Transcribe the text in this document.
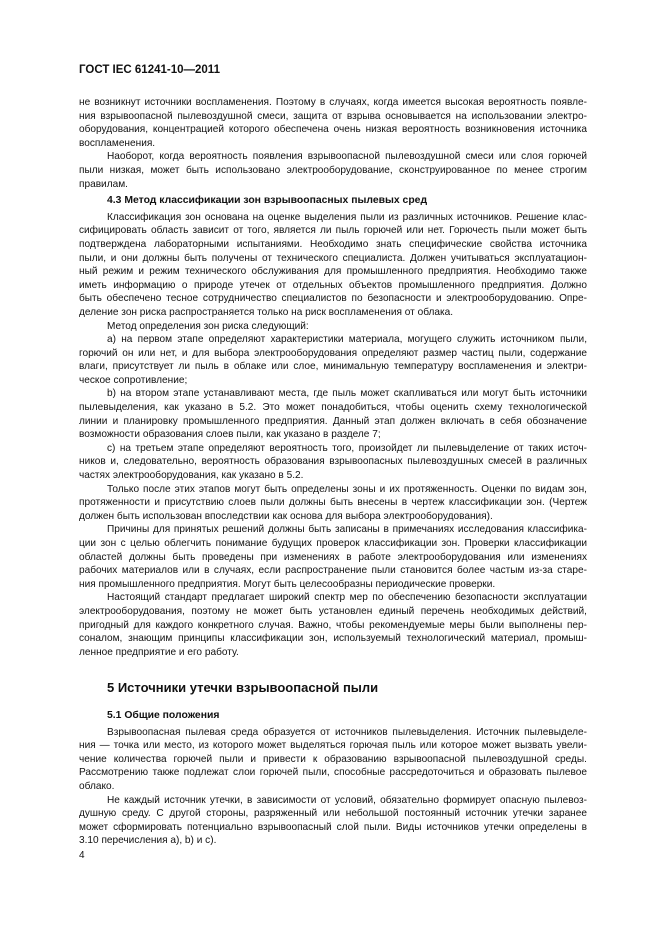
ГОСТ IEC 61241-10—2011
не возникнут источники воспламенения. Поэтому в случаях, когда имеется высокая вероятность появле-
ния взрывоопасной пылевоздушной смеси, защита от взрыва основывается на использовании электро-
оборудования, концентрацией которого обеспечена очень низкая вероятность возникновения источника
воспламенения.
Наоборот, когда вероятность появления взрывоопасной пылевоздушной смеси или слоя горючей
пыли низкая, может быть использовано электрооборудование, сконструированное по менее строгим
правилам.
4.3 Метод классификации зон взрывоопасных пылевых сред
Классификация зон основана на оценке выделения пыли из различных источников. Решение клас-
сифицировать область зависит от того, является ли пыль горючей или нет. Горючесть пыли может быть
подтверждена лабораторными испытаниями. Необходимо знать специфические свойства источника
пыли, и они должны быть получены от технического специалиста. Должен учитываться эксплуатацион-
ный режим и режим технического обслуживания для промышленного предприятия. Необходимо также
иметь информацию о природе утечек от отдельных объектов промышленного предприятия. Должно
быть обеспечено тесное сотрудничество специалистов по безопасности и электрооборудованию. Опре-
деление зон риска распространяется только на риск воспламенения от облака.
Метод определения зон риска следующий:
a) на первом этапе определяют характеристики материала, могущего служить источником пыли,
горючий он или нет, и для выбора электрооборудования определяют размер частиц пыли, содержание
влаги, присутствует ли пыль в облаке или слое, минимальную температуру воспламенения и электри-
ческое сопротивление;
b) на втором этапе устанавливают места, где пыль может скапливаться или могут быть источники
пылевыделения, как указано в 5.2. Это может понадобиться, чтобы оценить схему технологической
линии и планировку промышленного предприятия. Данный этап должен включать в себя обозначение
возможности образования слоев пыли, как указано в разделе 7;
c) на третьем этапе определяют вероятность того, произойдет ли пылевыделение от таких источ-
ников и, следовательно, вероятность образования взрывоопасных пылевоздушных смесей в различных
частях электрооборудования, как указано в 5.2.
Только после этих этапов могут быть определены зоны и их протяженность. Оценки по видам зон,
протяженности и присутствию слоев пыли должны быть внесены в чертеж классификации зон. (Чертеж
должен быть использован впоследствии как основа для выбора электрооборудования).
Причины для принятых решений должны быть записаны в примечаниях исследования классифика-
ции зон с целью облегчить понимание будущих проверок классификации зон. Проверки классификации
областей должны быть проведены при изменениях в работе электрооборудования или изменениях
рабочих материалов или в случаях, если распространение пыли становится более частым из-за старе-
ния промышленного предприятия. Могут быть целесообразны периодические проверки.
Настоящий стандарт предлагает широкий спектр мер по обеспечению безопасности эксплуатации
электрооборудования, поэтому не может быть установлен единый перечень необходимых действий,
пригодный для каждого конкретного случая. Важно, чтобы рекомендуемые меры были выполнены пер-
соналом, знающим принципы классификации зон, используемый технологический материал, промыш-
ленное предприятие и его работу.
5 Источники утечки взрывоопасной пыли
5.1 Общие положения
Взрывоопасная пылевая среда образуется от источников пылевыделения. Источник пылевыделе-
ния — точка или место, из которого может выделяться горючая пыль или которое может вызвать увели-
чение количества горючей пыли и привести к образованию взрывоопасной пылевоздушной среды.
Рассмотрению также подлежат слои горючей пыли, способные рассредоточиться и образовать пылевое
облако.
Не каждый источник утечки, в зависимости от условий, обязательно формирует опасную пылевоз-
душную среду. С другой стороны, разряженный или небольшой постоянный источник утечки заранее
может сформировать потенциально взрывоопасный слой пыли. Виды источников утечки определены в
3.10 перечисления a), b) и c).
4
